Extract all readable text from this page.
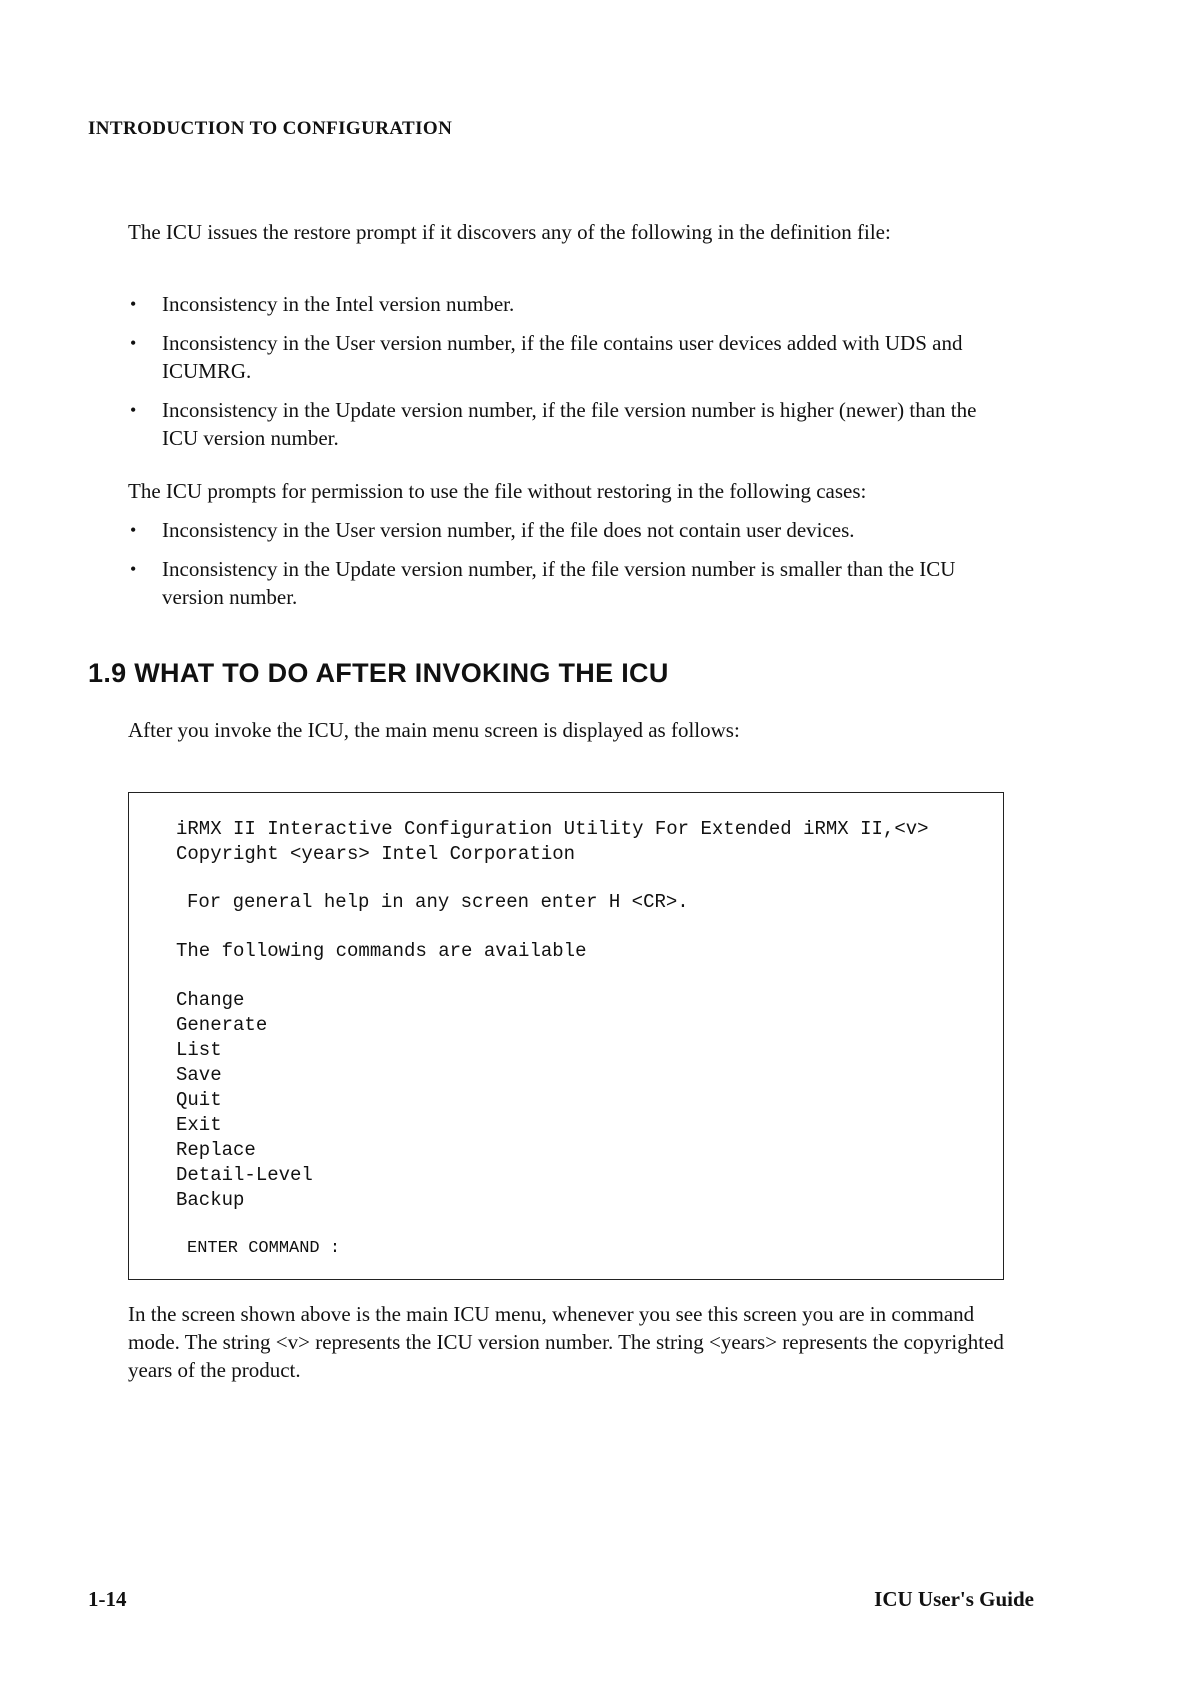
INTRODUCTION TO CONFIGURATION

The ICU issues the restore prompt if it discovers any of the following in the definition file:

• Inconsistency in the Intel version number.
• Inconsistency in the User version number, if the file contains user devices added with UDS and ICUMRG.
• Inconsistency in the Update version number, if the file version number is higher (newer) than the ICU version number.

The ICU prompts for permission to use the file without restoring in the following cases:

• Inconsistency in the User version number, if the file does not contain user devices.
• Inconsistency in the Update version number, if the file version number is smaller than the ICU version number.
1.9 WHAT TO DO AFTER INVOKING THE ICU

After you invoke the ICU, the main menu screen is displayed as follows:

iRMX II Interactive Configuration Utility For Extended iRMX II,<v>

Copyright <years> Intel Corporation

For general help in any screen enter H <CR>.

The following commands are available

Change
Generate
List
Save
Quit
Exit
Replace
Detail-Level
Backup

ENTER COMMAND :

In the screen shown above is the main ICU menu, whenever you see this screen you are in command mode. The string <v> represents the ICU version number. The string <years> represents the copyrighted years of the product.

1-14	ICU User's Guide
